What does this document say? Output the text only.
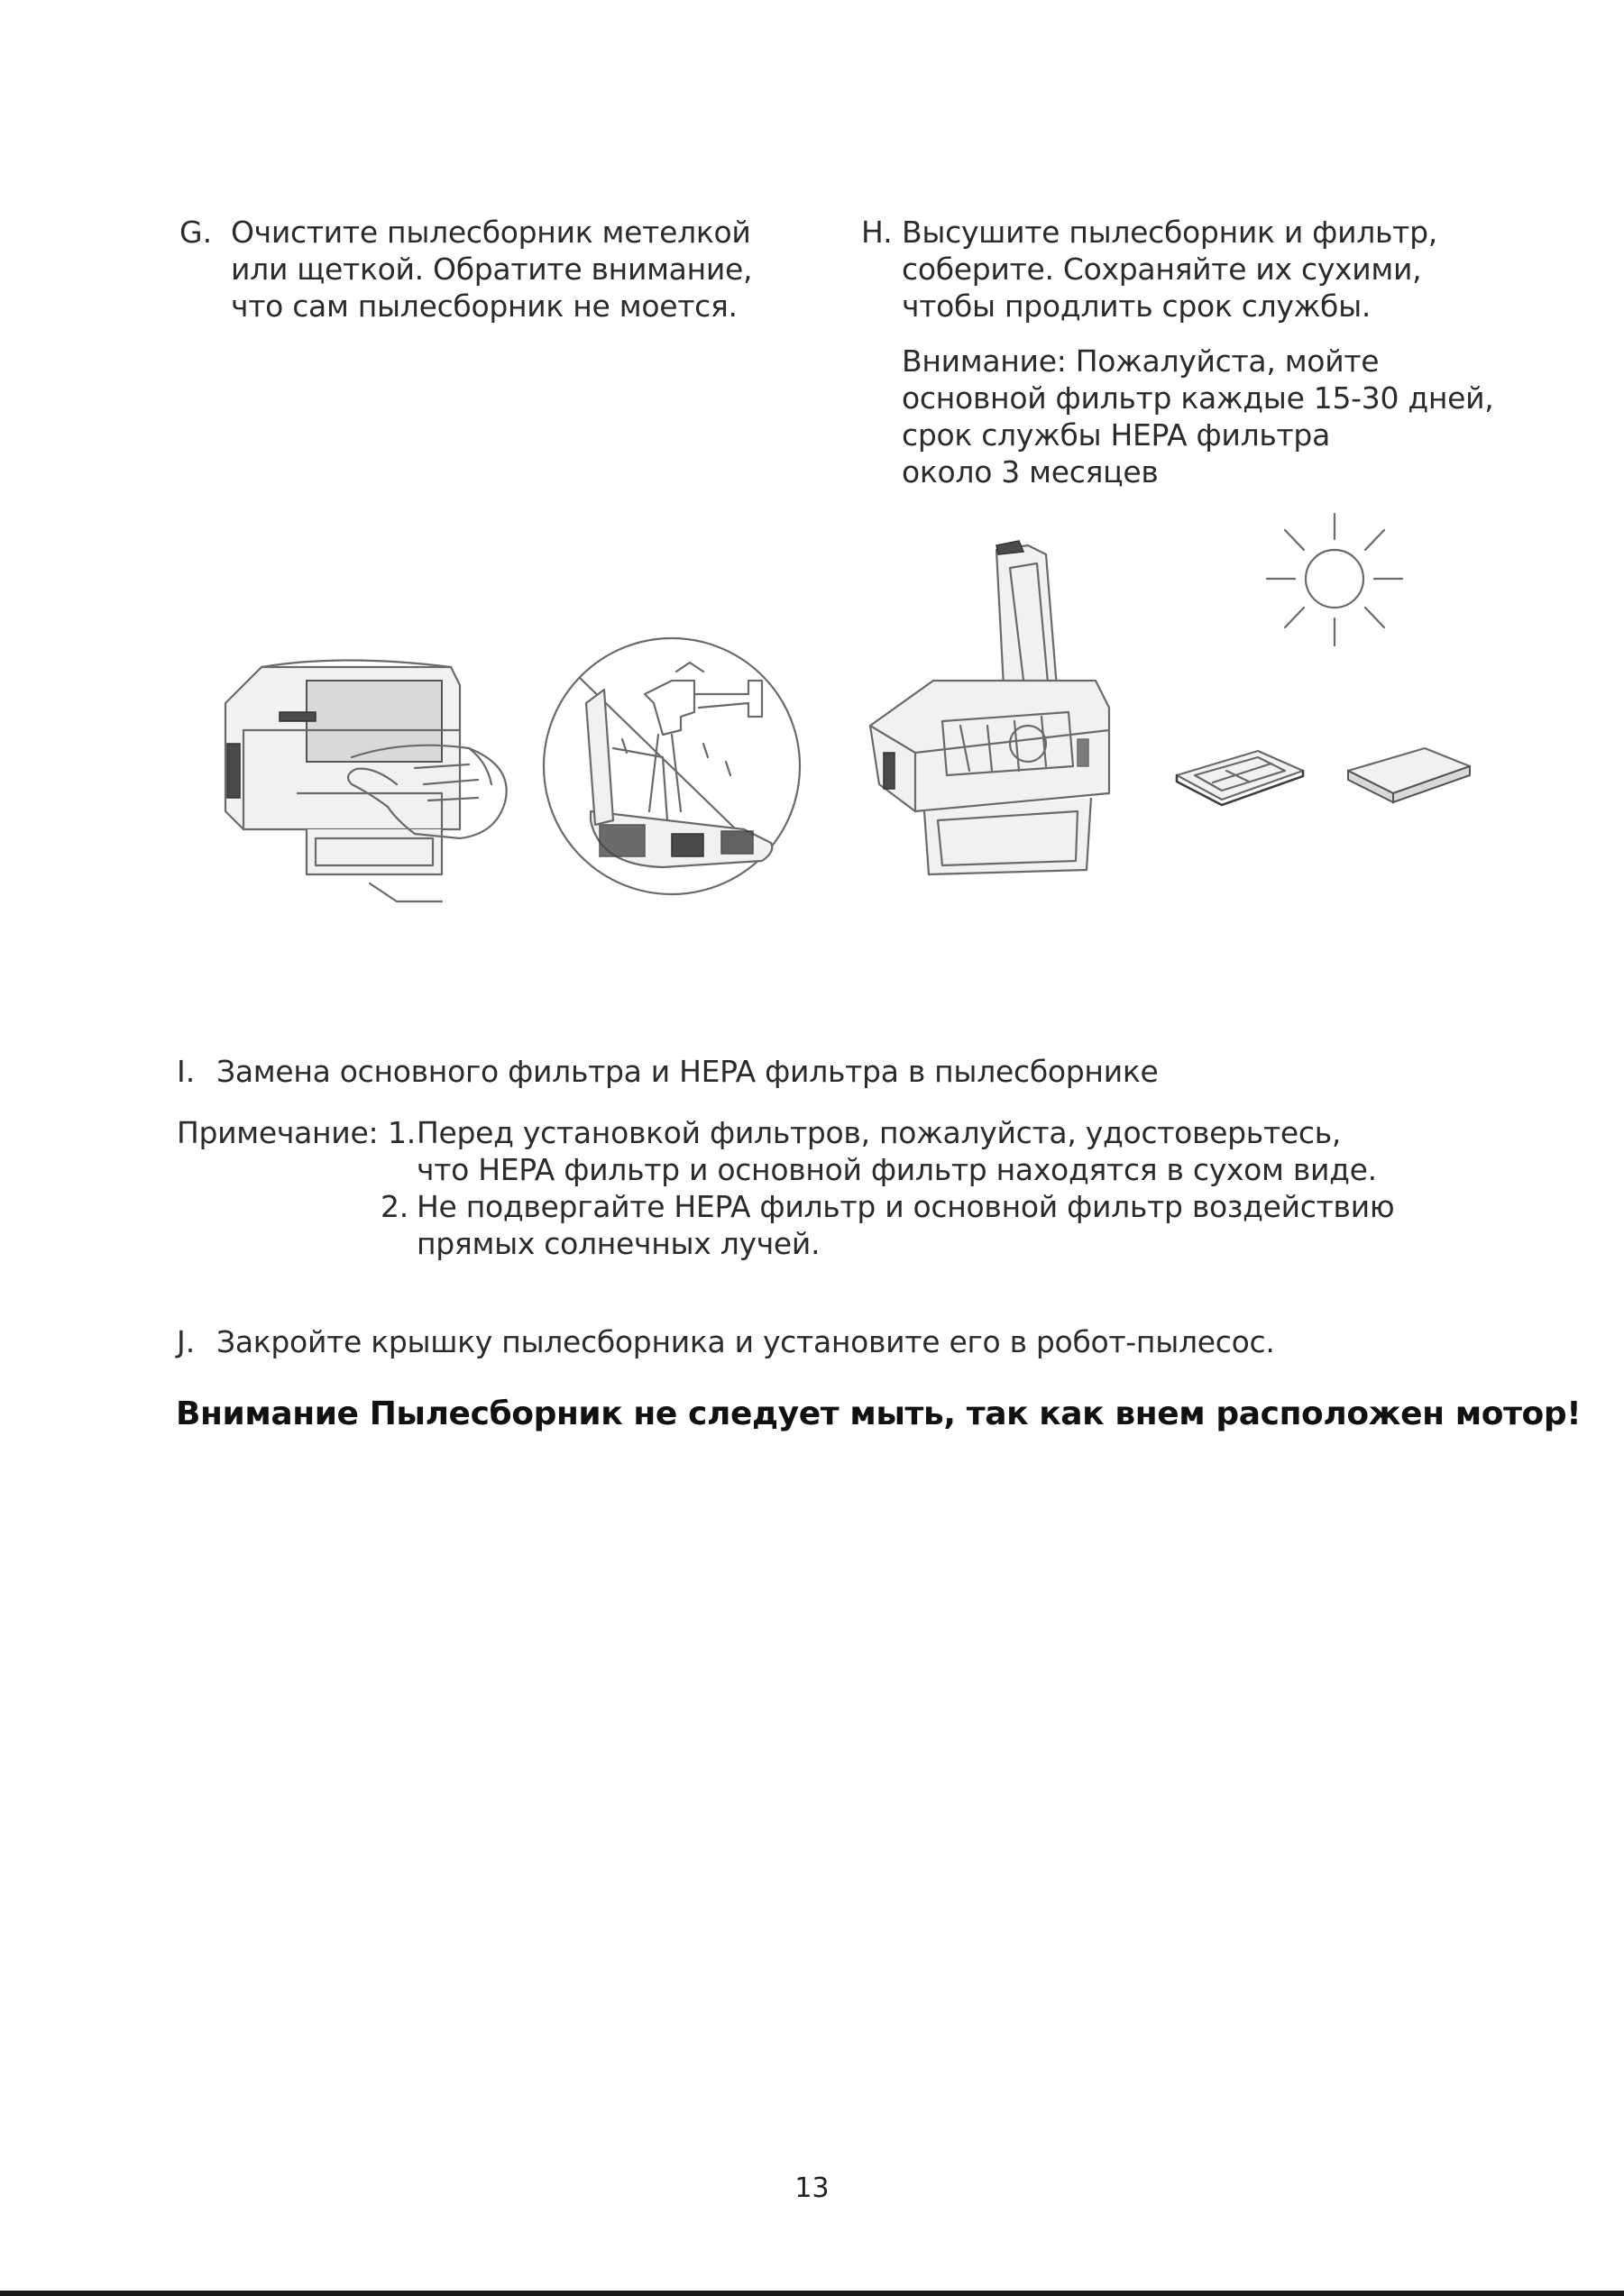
G. Очистите пылесборник метелкой
или щеткой. Обратите внимание,
что сам пылесборник не моется.
H. Высушите пылесборник и фильтр,
соберите. Сохраняйте их сухими,
чтобы продлить срок службы.
Внимание: Пожалуйста, мойте
основной фильтр каждые 15-30 дней,
срок службы HEPA фильтра
около 3 месяцев
I. Замена основного фильтра и HEPA фильтра в пылесборнике
Примечание: 1. Перед установкой фильтров, пожалуйста, удостоверьтесь,
что HEPA фильтр и основной фильтр находятся в сухом виде.
2. Не подвергайте HEPA фильтр и основной фильтр воздействию
прямых солнечных лучей.
J. Закройте крышку пылесборника и установите его в робот-пылесос.
Внимание Пылесборник не следует мыть, так как внем расположен мотор!
13
